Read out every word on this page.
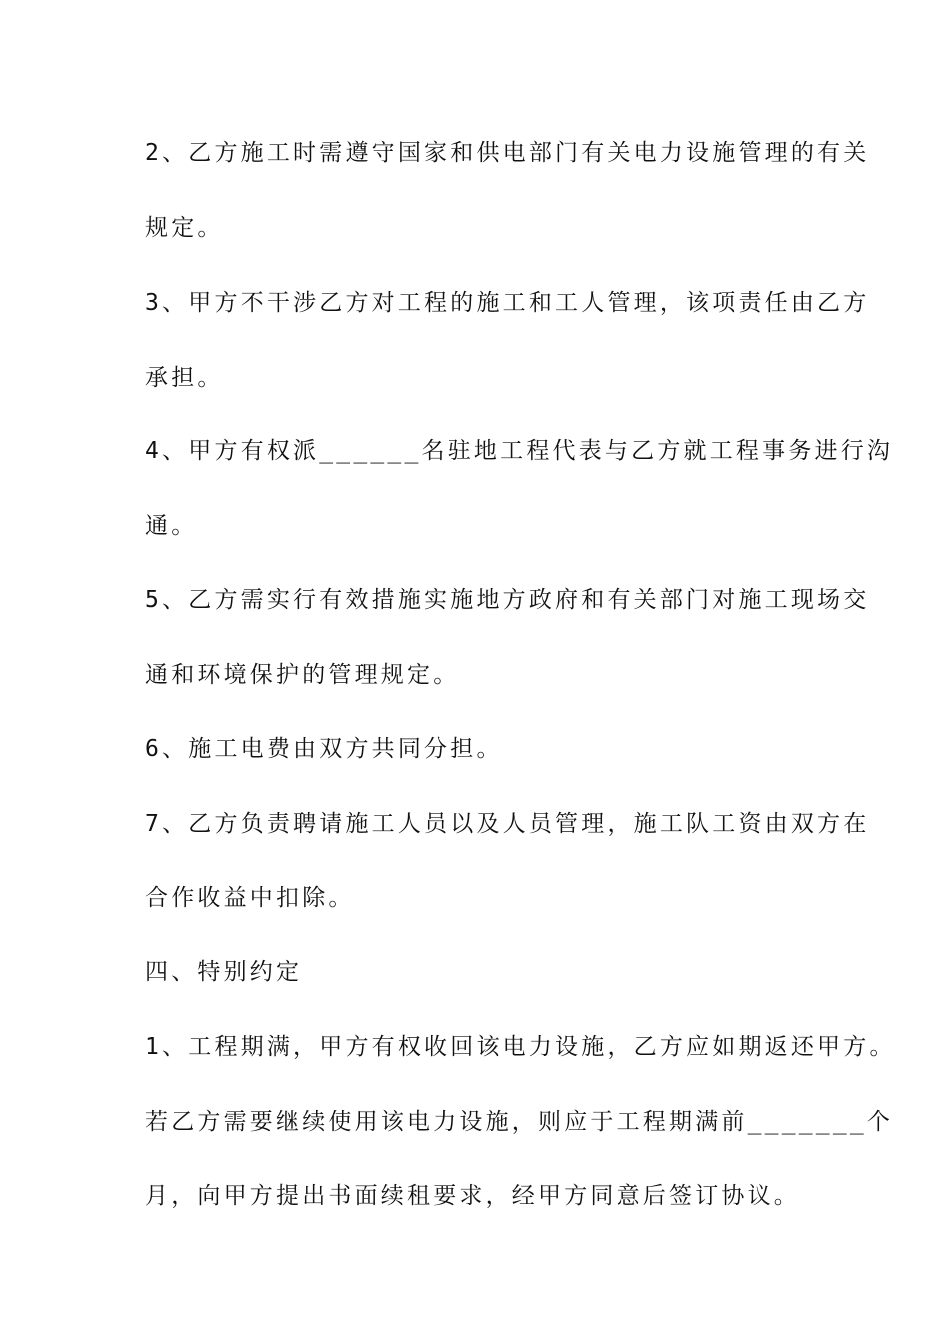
2、乙方施工时需遵守国家和供电部门有关电力设施管理的有关

规定。

3、甲方不干涉乙方对工程的施工和工人管理，该项责任由乙方

承担。

4、甲方有权派______名驻地工程代表与乙方就工程事务进行沟

通。

5、乙方需实行有效措施实施地方政府和有关部门对施工现场交

通和环境保护的管理规定。

6、施工电费由双方共同分担。

7、乙方负责聘请施工人员以及人员管理，施工队工资由双方在

合作收益中扣除。

四、特别约定

1、工程期满，甲方有权收回该电力设施，乙方应如期返还甲方。

若乙方需要继续使用该电力设施，则应于工程期满前_______个

月，向甲方提出书面续租要求，经甲方同意后签订协议。
